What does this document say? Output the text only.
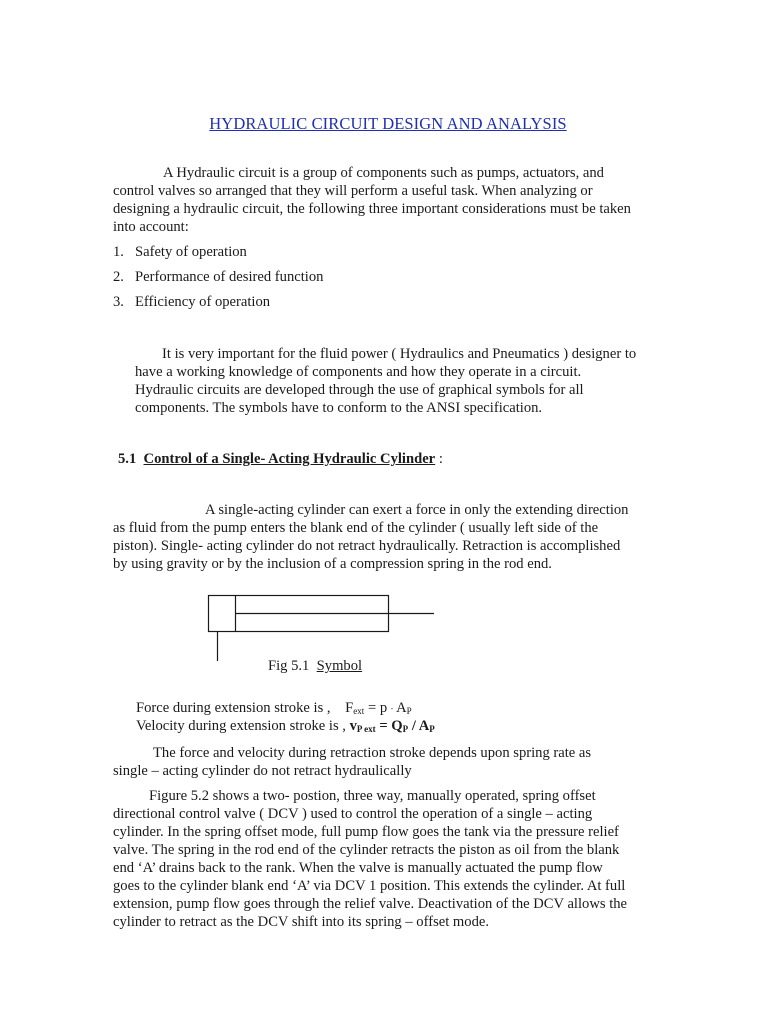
HYDRAULIC CIRCUIT DESIGN AND ANALYSIS
A Hydraulic circuit is a group of components such as pumps, actuators, and
control valves so arranged that they will perform a useful task. When analyzing or
designing a hydraulic circuit, the following three important considerations must be taken
into account:
1. Safety of operation
2. Performance of desired function
3. Efficiency of operation
It is very important for the fluid power ( Hydraulics and Pneumatics ) designer to
have a working knowledge of components and how they operate in a circuit.
Hydraulic circuits are developed through the use of graphical symbols for all
components. The symbols have to conform to the ANSI specification.
5.1 Control of a Single- Acting Hydraulic Cylinder :
A single-acting cylinder can exert a force in only the extending direction
as fluid from the pump enters the blank end of the cylinder ( usually left side of the
piston). Single- acting cylinder do not retract hydraulically. Retraction is accomplished
by using gravity or by the inclusion of a compression spring in the rod end.
Fig 5.1 Symbol
Force during extension stroke is , $F_{ext} = p \cdot A_P$
Velocity during extension stroke is , $v_{P ext} = Q_P / A_P$
The force and velocity during retraction stroke depends upon spring rate as
single – acting cylinder do not retract hydraulically
Figure 5.2 shows a two- postion, three way, manually operated, spring offset
directional control valve ( DCV ) used to control the operation of a single – acting
cylinder. In the spring offset mode, full pump flow goes the tank via the pressure relief
valve. The spring in the rod end of the cylinder retracts the piston as oil from the blank
end ‘A’ drains back to the rank. When the valve is manually actuated the pump flow
goes to the cylinder blank end ‘A’ via DCV 1 position. This extends the cylinder. At full
extension, pump flow goes through the relief valve. Deactivation of the DCV allows the
cylinder to retract as the DCV shift into its spring – offset mode.
